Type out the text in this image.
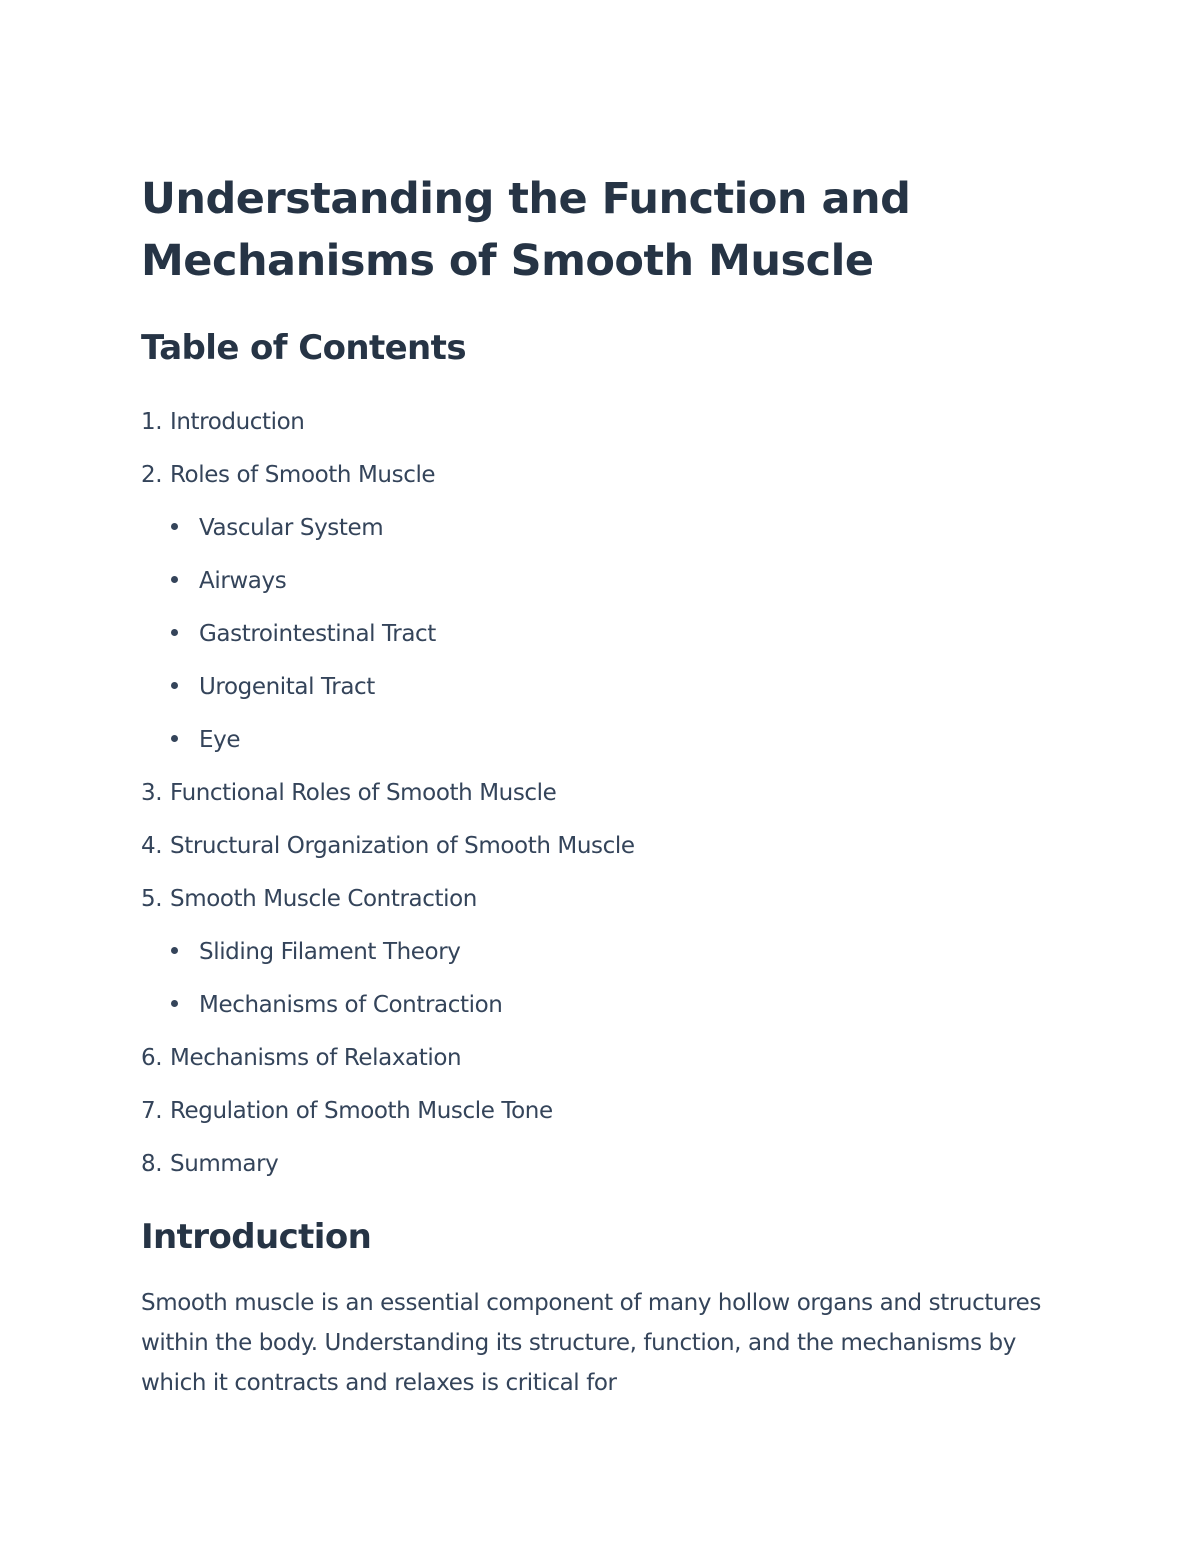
Understanding the Function and Mechanisms of Smooth Muscle
Table of Contents
1. Introduction
2. Roles of Smooth Muscle
Vascular System
Airways
Gastrointestinal Tract
Urogenital Tract
Eye
3. Functional Roles of Smooth Muscle
4. Structural Organization of Smooth Muscle
5. Smooth Muscle Contraction
Sliding Filament Theory
Mechanisms of Contraction
6. Mechanisms of Relaxation
7. Regulation of Smooth Muscle Tone
8. Summary
Introduction

Smooth muscle is an essential component of many hollow organs and structures within the body. Understanding its structure, function, and the mechanisms by which it contracts and relaxes is critical for
